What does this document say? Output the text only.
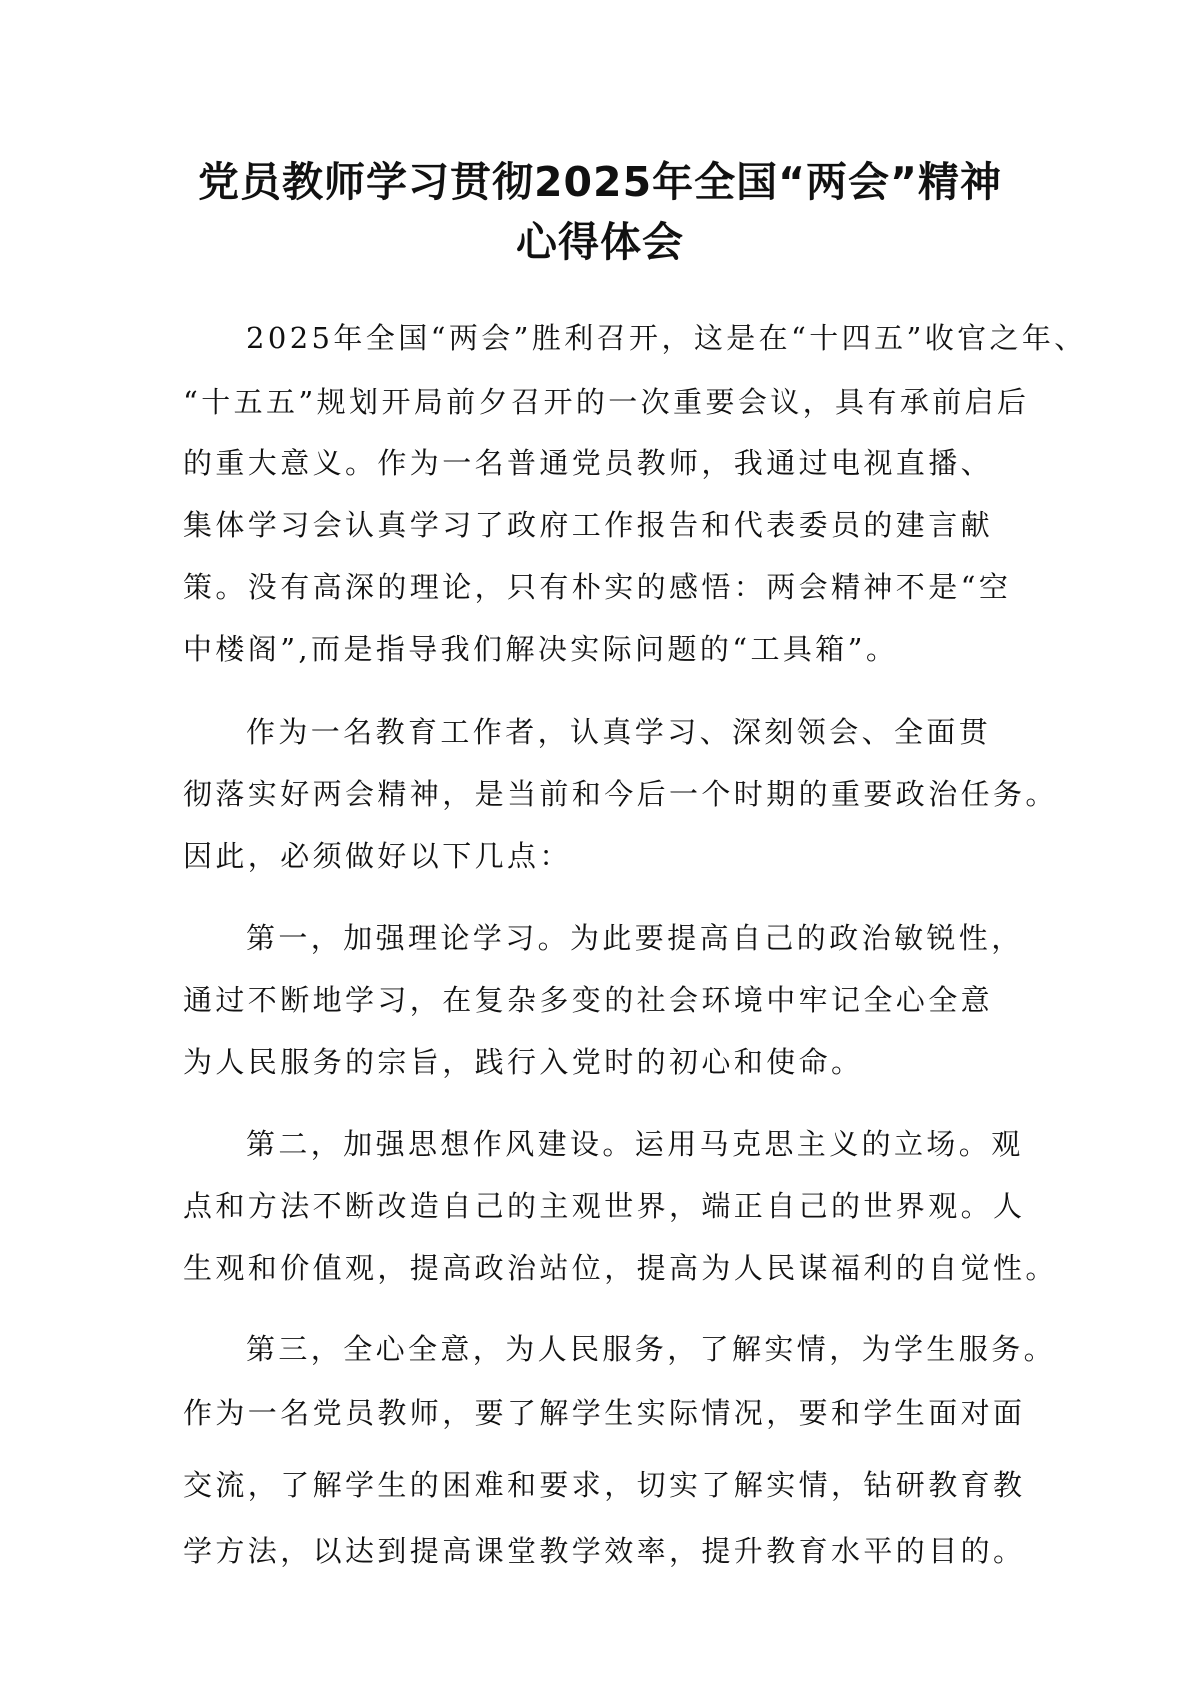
党员教师学习贯彻2025年全国“两会”精神
心得体会
2025年全国“两会”胜利召开，这是在“十四五”收官之年、
“十五五”规划开局前夕召开的一次重要会议，具有承前启后
的重大意义。作为一名普通党员教师，我通过电视直播、
集体学习会认真学习了政府工作报告和代表委员的建言献
策。没有高深的理论，只有朴实的感悟：两会精神不是“空
中楼阁”,而是指导我们解决实际问题的“工具箱”。
作为一名教育工作者，认真学习、深刻领会、全面贯
彻落实好两会精神，是当前和今后一个时期的重要政治任务。
因此，必须做好以下几点：
第一，加强理论学习。为此要提高自己的政治敏锐性，
通过不断地学习，在复杂多变的社会环境中牢记全心全意
为人民服务的宗旨，践行入党时的初心和使命。
第二，加强思想作风建设。运用马克思主义的立场。观
点和方法不断改造自己的主观世界，端正自己的世界观。人
生观和价值观，提高政治站位，提高为人民谋福利的自觉性。
第三，全心全意，为人民服务，了解实情，为学生服务。
作为一名党员教师，要了解学生实际情况，要和学生面对面
交流，了解学生的困难和要求，切实了解实情，钻研教育教
学方法，以达到提高课堂教学效率，提升教育水平的目的。
